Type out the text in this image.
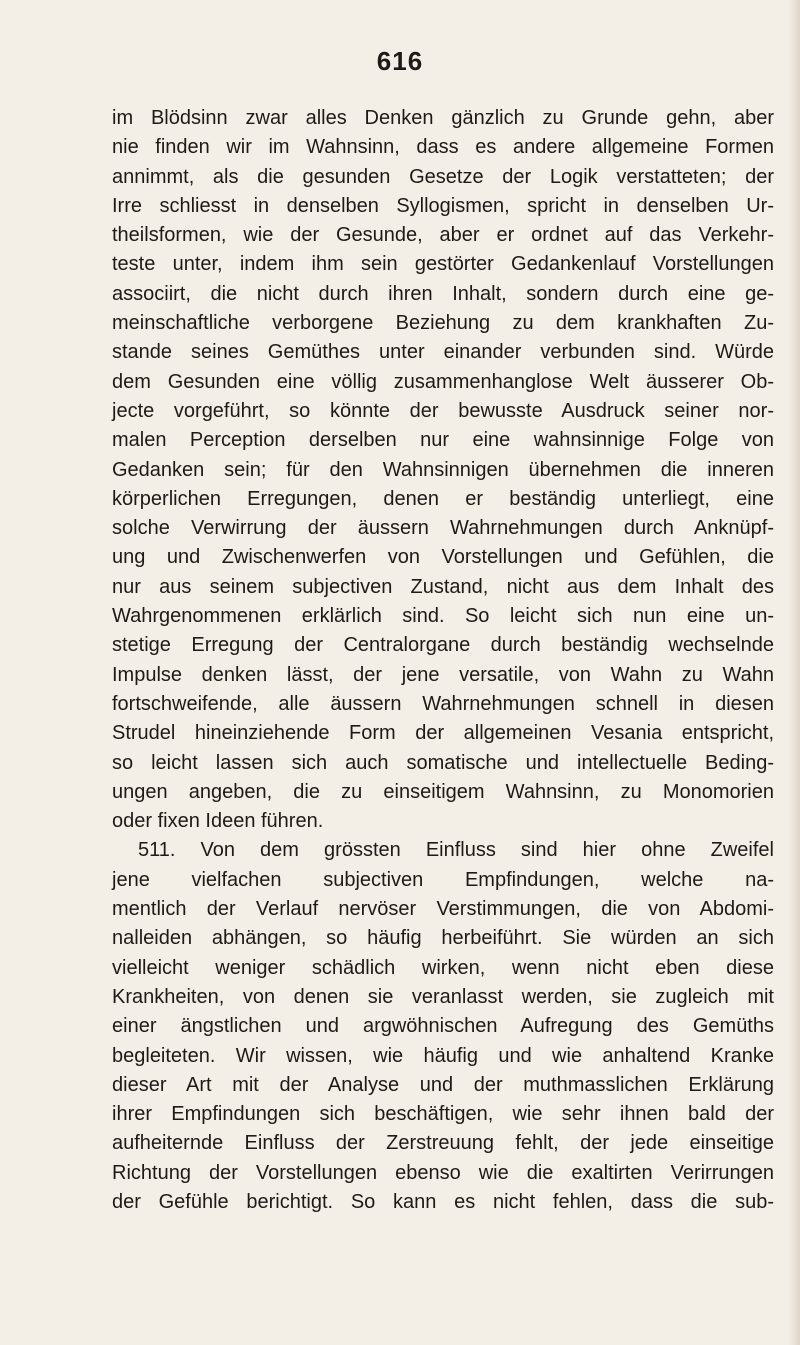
616
im Blödsinn zwar alles Denken gänzlich zu Grunde gehn, aber
nie finden wir im Wahnsinn, dass es andere allgemeine Formen
annimmt, als die gesunden Gesetze der Logik verstatteten; der
Irre schliesst in denselben Syllogismen, spricht in denselben Ur-
theilsformen, wie der Gesunde, aber er ordnet auf das Verkehr-
teste unter, indem ihm sein gestörter Gedankenlauf Vorstellungen
associirt, die nicht durch ihren Inhalt, sondern durch eine ge-
meinschaftliche verborgene Beziehung zu dem krankhaften Zu-
stande seines Gemüthes unter einander verbunden sind. Würde
dem Gesunden eine völlig zusammenhanglose Welt äusserer Ob-
jecte vorgeführt, so könnte der bewusste Ausdruck seiner nor-
malen Perception derselben nur eine wahnsinnige Folge von
Gedanken sein; für den Wahnsinnigen übernehmen die inneren
körperlichen Erregungen, denen er beständig unterliegt, eine
solche Verwirrung der äussern Wahrnehmungen durch Anknüpf-
ung und Zwischenwerfen von Vorstellungen und Gefühlen, die
nur aus seinem subjectiven Zustand, nicht aus dem Inhalt des
Wahrgenommenen erklärlich sind. So leicht sich nun eine un-
stetige Erregung der Centralorgane durch beständig wechselnde
Impulse denken lässt, der jene versatile, von Wahn zu Wahn
fortschweifende, alle äussern Wahrnehmungen schnell in diesen
Strudel hineinziehende Form der allgemeinen Vesania entspricht,
so leicht lassen sich auch somatische und intellectuelle Beding-
ungen angeben, die zu einseitigem Wahnsinn, zu Monomorien
oder fixen Ideen führen.
511. Von dem grössten Einfluss sind hier ohne Zweifel
jene vielfachen subjectiven Empfindungen, welche na-
mentlich der Verlauf nervöser Verstimmungen, die von Abdomi-
nalleiden abhängen, so häufig herbeiführt. Sie würden an sich
vielleicht weniger schädlich wirken, wenn nicht eben diese
Krankheiten, von denen sie veranlasst werden, sie zugleich mit
einer ängstlichen und argwöhnischen Aufregung des Gemüths
begleiteten. Wir wissen, wie häufig und wie anhaltend Kranke
dieser Art mit der Analyse und der muthmasslichen Erklärung
ihrer Empfindungen sich beschäftigen, wie sehr ihnen bald der
aufheiternde Einfluss der Zerstreuung fehlt, der jede einseitige
Richtung der Vorstellungen ebenso wie die exaltirten Verirrungen
der Gefühle berichtigt. So kann es nicht fehlen, dass die sub-
